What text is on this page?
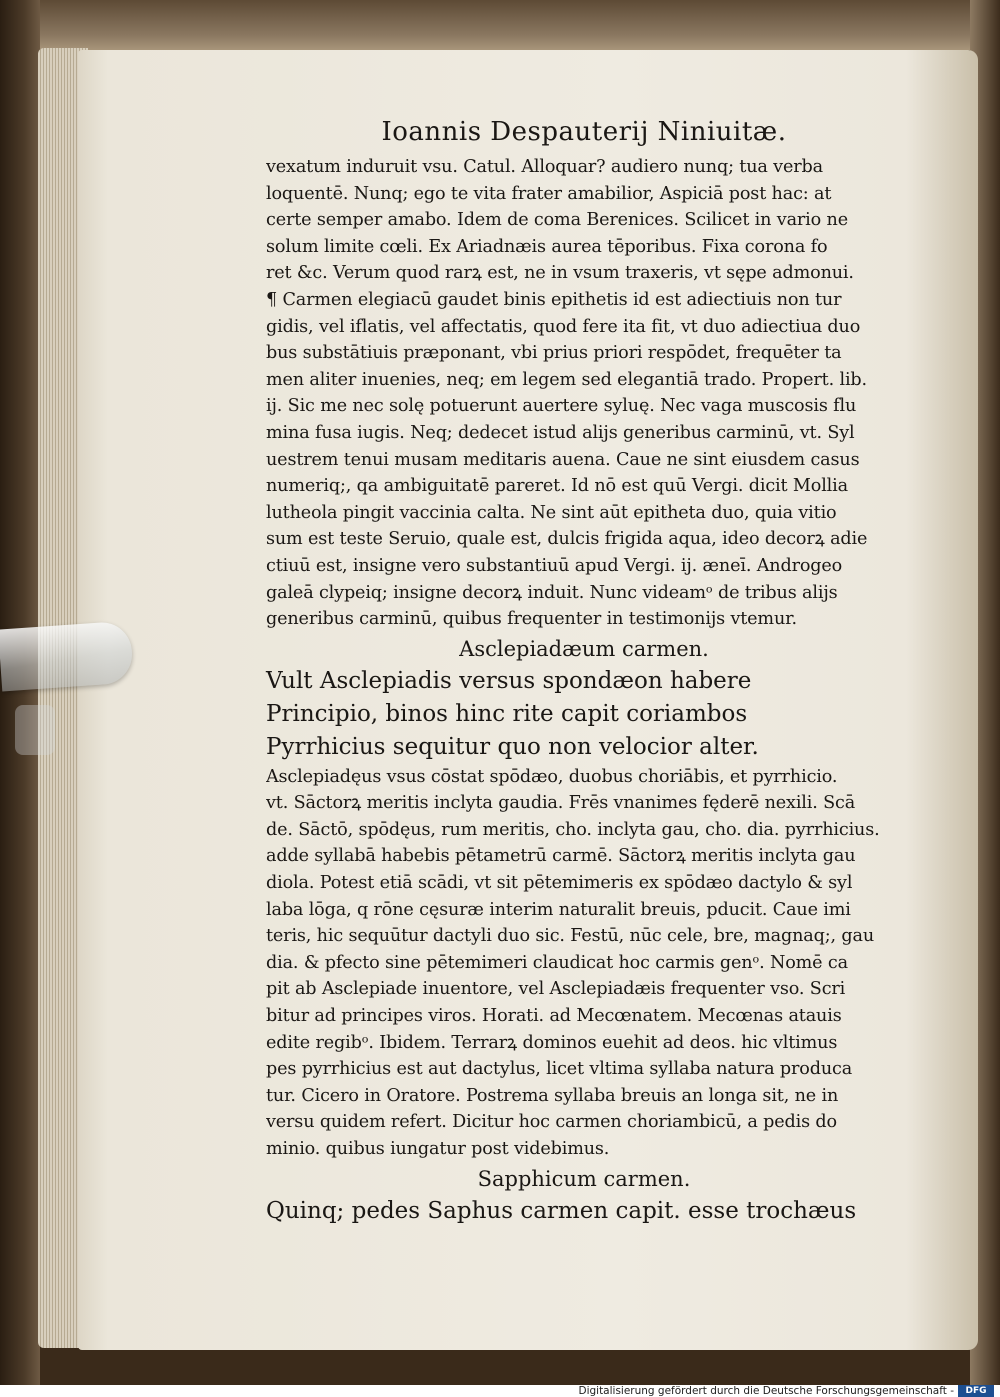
Ioannis Despauterij Niniuitæ.
vexatum induruit vsu. Catul. Alloquar? audiero nunq; tua verba
loquentē. Nunq; ego te vita frater amabilior, Aspiciā post hac: at
certe semper amabo. Idem de coma Berenices. Scilicet in vario ne
solum limite cœli. Ex Ariadnæis aurea tēporibus. Fixa corona fo
ret &c. Verum quod rarꝝ est, ne in vsum traxeris, vt sępe admonui.
¶ Carmen elegiacū gaudet binis epithetis id est adiectiuis non tur
gidis, vel iflatis, vel affectatis, quod fere ita fit, vt duo adiectiua duo
bus substātiuis præponant, vbi prius priori respōdet, frequēter ta
men aliter inuenies, neq; em legem sed elegantiā trado. Propert. lib.
ij. Sic me nec solę potuerunt auertere syluę. Nec vaga muscosis flu
mina fusa iugis. Neq; dedecet istud alijs generibus carminū, vt. Syl
uestrem tenui musam meditaris auena. Caue ne sint eiusdem casus
numeriq;, qa ambiguitatē pareret. Id nō est quū Vergi. dicit Mollia
lutheola pingit vaccinia calta. Ne sint aūt epitheta duo, quia vitio
sum est teste Seruio, quale est, dulcis frigida aqua, ideo decorꝝ adie
ctiuū est, insigne vero substantiuū apud Vergi. ij. æneī. Androgeo
galeā clypeiq; insigne decorꝝ induit. Nunc videamᵒ de tribus alijs
generibus carminū, quibus frequenter in testimonijs vtemur.
Asclepiadæum carmen.
Vult Asclepiadis versus spondæon habere
Principio, binos hinc rite capit coriambos
Pyrrhicius sequitur quo non velocior alter.
Asclepiadęus vsus cōstat spōdæo, duobus choriābis, et pyrrhicio.
vt. Sāctorꝝ meritis inclyta gaudia. Frēs vnanimes fęderē nexili. Scā
de. Sāctō, spōdęus, rum meritis, cho. inclyta gau, cho. dia. pyrrhicius.
adde syllabā habebis pētametrū carmē. Sāctorꝝ meritis inclyta gau
diola. Potest etiā scādi, vt sit pētemimeris ex spōdæo dactylo & syl
laba lōga, q rōne cęsuræ interim naturalit breuis, pducit. Caue imi
teris, hic sequūtur dactyli duo sic. Festū, nūc cele, bre, magnaq;, gau
dia. & pfecto sine pētemimeri claudicat hoc carmis genᵒ. Nomē ca
pit ab Asclepiade inuentore, vel Asclepiadæis frequenter vso. Scri
bitur ad principes viros. Horati. ad Mecœnatem. Mecœnas atauis
edite regibᵒ. Ibidem. Terrarꝝ dominos euehit ad deos. hic vltimus
pes pyrrhicius est aut dactylus, licet vltima syllaba natura produca
tur. Cicero in Oratore. Postrema syllaba breuis an longa sit, ne in
versu quidem refert. Dicitur hoc carmen choriambicū, a pedis do
minio. quibus iungatur post videbimus.
Sapphicum carmen.
Quinq; pedes Saphus carmen capit. esse trochæus
Digitalisierung gefördert durch die Deutsche Forschungsgemeinschaft -	DFG
